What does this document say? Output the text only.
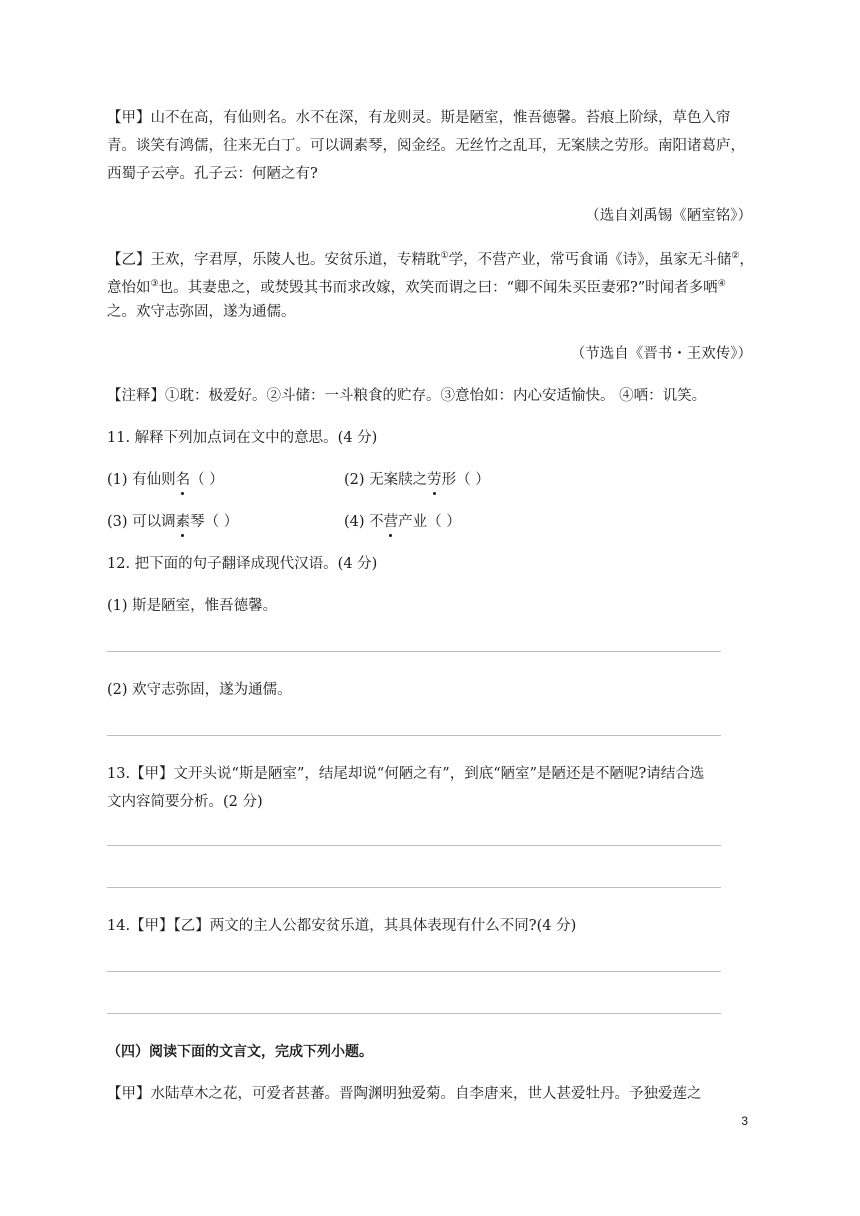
【甲】山不在高，有仙则名。水不在深，有龙则灵。斯是陋室，惟吾德馨。苔痕上阶绿，草色入帘
青。谈笑有鸿儒，往来无白丁。可以调素琴，阅金经。无丝竹之乱耳，无案牍之劳形。南阳诸葛庐，
西蜀子云亭。孔子云：何陋之有?
（选自刘禹锡《陋室铭》）
【乙】王欢，字君厚，乐陵人也。安贫乐道，专精耽①学，不营产业，常丐食诵《诗》，虽家无斗储②，
意怡如③也。其妻患之，或焚毁其书而求改嫁，欢笑而谓之曰：“卿不闻朱买臣妻邪?”时闻者多哂④
之。欢守志弥固，遂为通儒。
（节选自《晋书・王欢传》）
【注释】①耽：极爱好。②斗储：一斗粮食的贮存。③意怡如：内心安适愉快。 ④哂：讥笑。
11. 解释下列加点词在文中的意思。(4 分)
(1) 有仙则名（ ）	(2) 无案牍之劳形（ ）
(3) 可以调素琴（ ）	(4) 不营产业（ ）
12. 把下面的句子翻译成现代汉语。(4 分)
(1) 斯是陋室，惟吾德馨。
(2) 欢守志弥固，遂为通儒。
13.【甲】文开头说“斯是陋室”，结尾却说“何陋之有”，到底“陋室”是陋还是不陋呢?请结合选
文内容简要分析。(2 分)
14.【甲】【乙】两文的主人公都安贫乐道，其具体表现有什么不同?(4 分)
（四）阅读下面的文言文，完成下列小题。
【甲】水陆草木之花，可爱者甚蕃。晋陶渊明独爱菊。自李唐来，世人甚爱牡丹。予独爱莲之
3
